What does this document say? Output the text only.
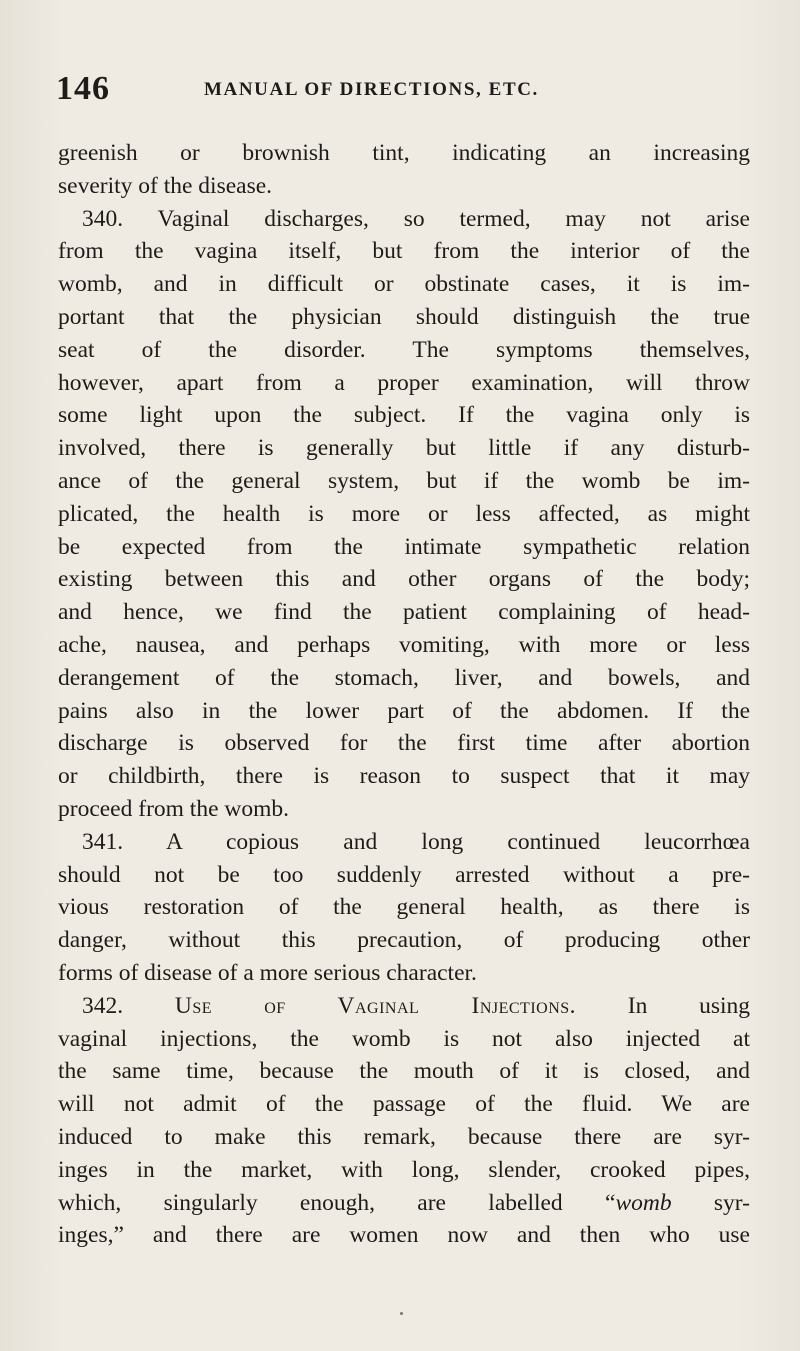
146	MANUAL OF DIRECTIONS, ETC.
greenish or brownish tint, indicating an increasing
severity of the disease.
340. Vaginal discharges, so termed, may not arise
from the vagina itself, but from the interior of the
womb, and in difficult or obstinate cases, it is im-
portant that the physician should distinguish the true
seat of the disorder. The symptoms themselves,
however, apart from a proper examination, will throw
some light upon the subject. If the vagina only is
involved, there is generally but little if any disturb-
ance of the general system, but if the womb be im-
plicated, the health is more or less affected, as might
be expected from the intimate sympathetic relation
existing between this and other organs of the body;
and hence, we find the patient complaining of head-
ache, nausea, and perhaps vomiting, with more or less
derangement of the stomach, liver, and bowels, and
pains also in the lower part of the abdomen. If the
discharge is observed for the first time after abortion
or childbirth, there is reason to suspect that it may
proceed from the womb.
341. A copious and long continued leucorrhœa
should not be too suddenly arrested without a pre-
vious restoration of the general health, as there is
danger, without this precaution, of producing other
forms of disease of a more serious character.
342. Use of Vaginal Injections. In using
vaginal injections, the womb is not also injected at
the same time, because the mouth of it is closed, and
will not admit of the passage of the fluid. We are
induced to make this remark, because there are syr-
inges in the market, with long, slender, crooked pipes,
which, singularly enough, are labelled “womb syr-
inges,” and there are women now and then who use
